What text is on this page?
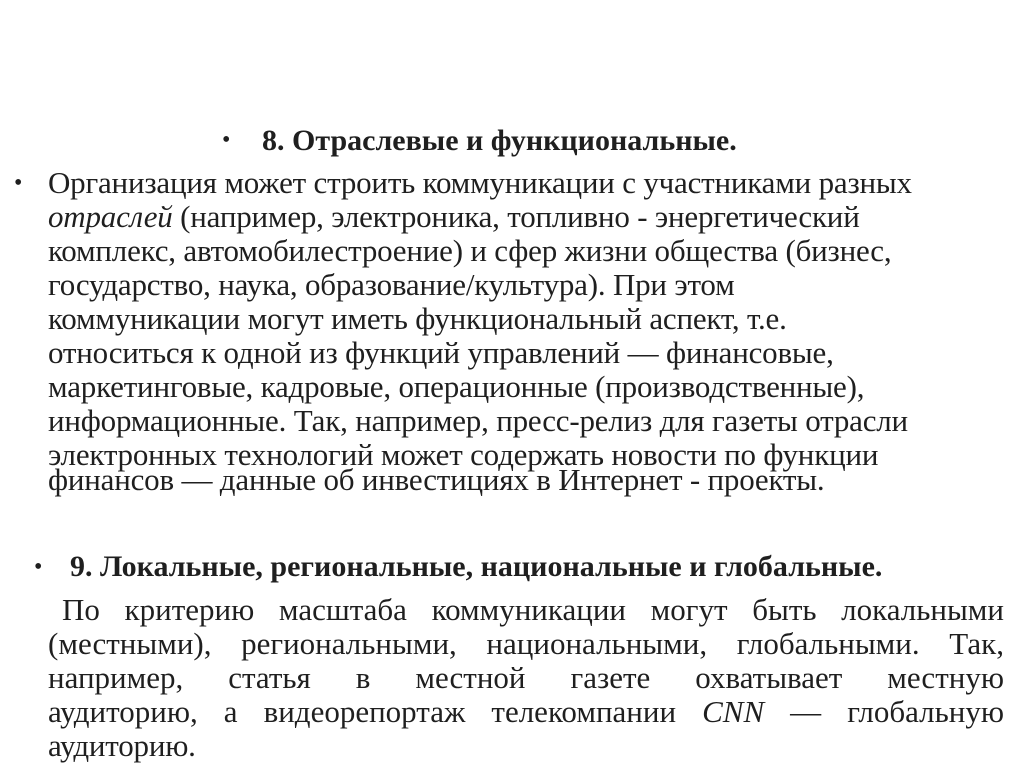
• 8. Отраслевые и функциональные.
• Организация может строить коммуникации с участниками разных
отраслей (например, электроника, топливно - энергетический
комплекс, автомобилестроение) и сфер жизни общества (бизнес,
государство, наука, образование/культура). При этом
коммуникации могут иметь функциональный аспект, т.е.
относиться к одной из функций управлений — финансовые,
маркетинговые, кадровые, операционные (производственные),
информационные. Так, например, пресс-релиз для газеты отрасли
электронных технологий может содержать новости по функции
финансов — данные об инвестициях в Интернет - проекты.
• 9. Локальные, региональные, национальные и глобальные.
По критерию масштаба коммуникации могут быть локальными
(местными), региональными, национальными, глобальными. Так,
например, статья в местной газете охватывает местную
аудиторию, а видеорепортаж телекомпании CNN — глобальную
аудиторию.
